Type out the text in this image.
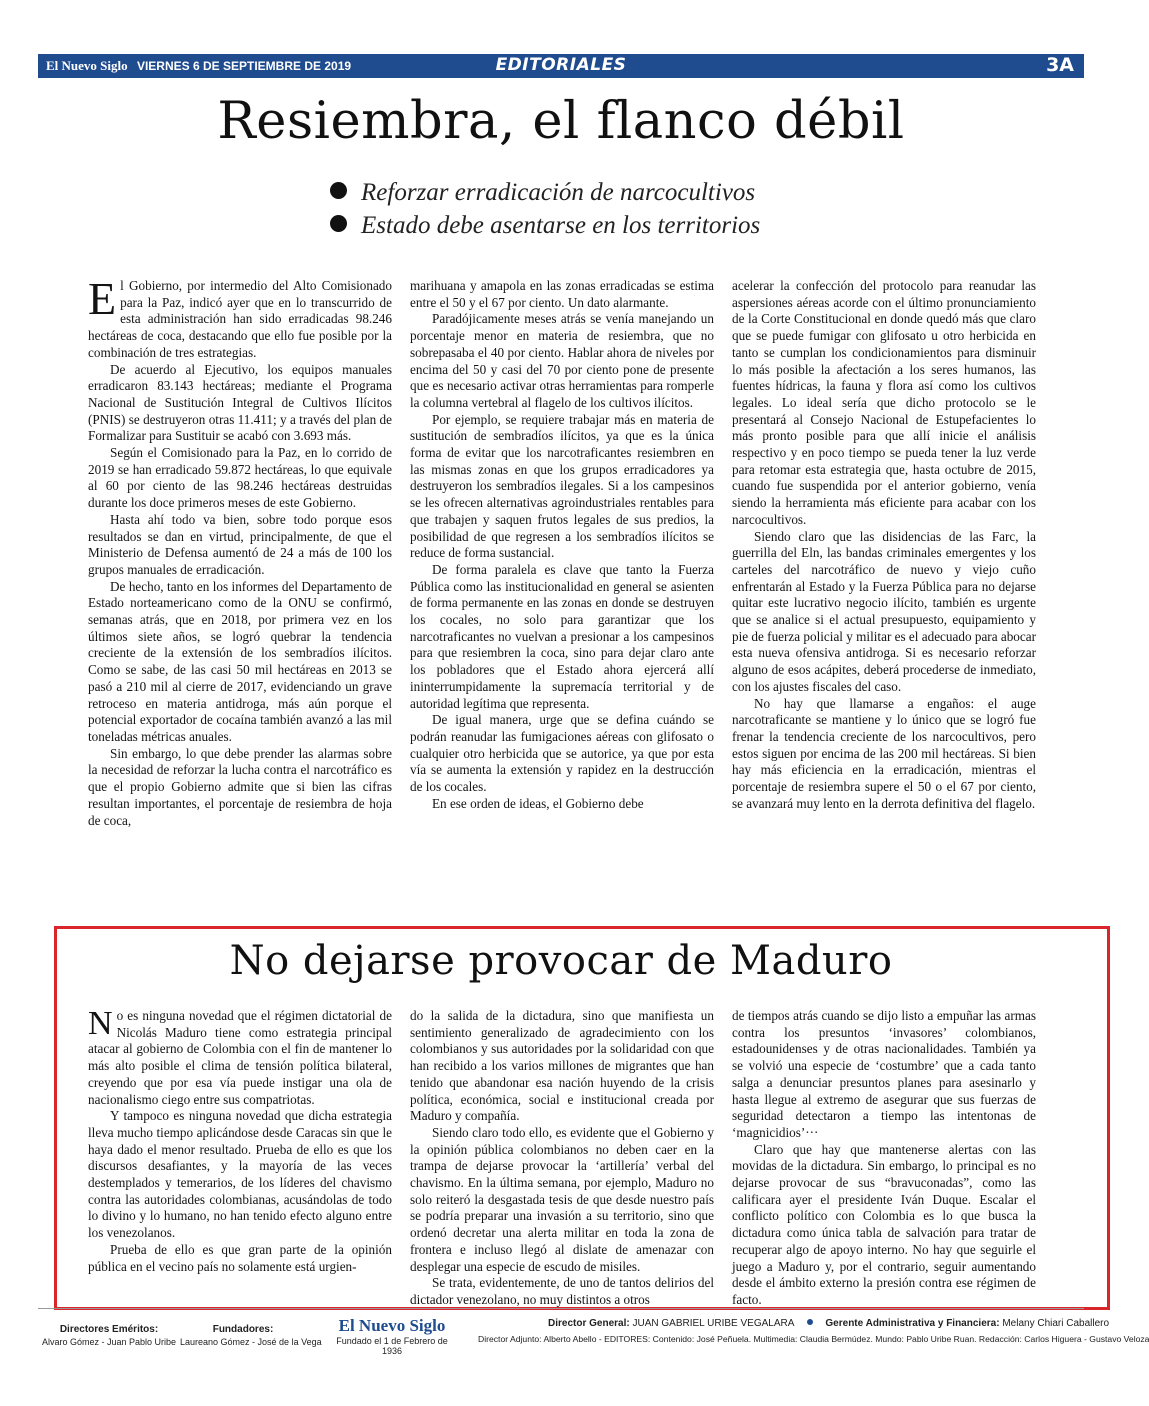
El Nuevo Siglo VIERNES 6 DE SEPTIEMBRE DE 2019	EDITORIALES	3A
Resiembra, el flanco débil
Reforzar erradicación de narcocultivos
Estado debe asentarse en los territorios

El Gobierno, por intermedio del Alto Comisionado para la Paz, indicó ayer que en lo transcurrido de esta administración han sido erradicadas 98.246 hectáreas de coca, destacando que ello fue posible por la combinación de tres estrategias.

De acuerdo al Ejecutivo, los equipos manuales erradicaron 83.143 hectáreas; mediante el Programa Nacional de Sustitución Integral de Cultivos Ilícitos (PNIS) se destruyeron otras 11.411; y a través del plan de Formalizar para Sustituir se acabó con 3.693 más.

Según el Comisionado para la Paz, en lo corrido de 2019 se han erradicado 59.872 hectáreas, lo que equivale al 60 por ciento de las 98.246 hectáreas destruidas durante los doce primeros meses de este Gobierno.

Hasta ahí todo va bien, sobre todo porque esos resultados se dan en virtud, principalmente, de que el Ministerio de Defensa aumentó de 24 a más de 100 los grupos manuales de erradicación.

De hecho, tanto en los informes del Departamento de Estado norteamericano como de la ONU se confirmó, semanas atrás, que en 2018, por primera vez en los últimos siete años, se logró quebrar la tendencia creciente de la extensión de los sembradíos ilícitos. Como se sabe, de las casi 50 mil hectáreas en 2013 se pasó a 210 mil al cierre de 2017, evidenciando un grave retroceso en materia antidroga, más aún porque el potencial exportador de cocaína también avanzó a las mil toneladas métricas anuales.

Sin embargo, lo que debe prender las alarmas sobre la necesidad de reforzar la lucha contra el narcotráfico es que el propio Gobierno admite que si bien las cifras resultan importantes, el porcentaje de resiembra de hoja de coca,

marihuana y amapola en las zonas erradicadas se estima entre el 50 y el 67 por ciento. Un dato alarmante.

Paradójicamente meses atrás se venía manejando un porcentaje menor en materia de resiembra, que no sobrepasaba el 40 por ciento. Hablar ahora de niveles por encima del 50 y casi del 70 por ciento pone de presente que es necesario activar otras herramientas para romperle la columna vertebral al flagelo de los cultivos ilícitos.

Por ejemplo, se requiere trabajar más en materia de sustitución de sembradíos ilícitos, ya que es la única forma de evitar que los narcotraficantes resiembren en las mismas zonas en que los grupos erradicadores ya destruyeron los sembradíos ilegales. Si a los campesinos se les ofrecen alternativas agroindustriales rentables para que trabajen y saquen frutos legales de sus predios, la posibilidad de que regresen a los sembradíos ilícitos se reduce de forma sustancial.

De forma paralela es clave que tanto la Fuerza Pública como las institucionalidad en general se asienten de forma permanente en las zonas en donde se destruyen los cocales, no solo para garantizar que los narcotraficantes no vuelvan a presionar a los campesinos para que resiembren la coca, sino para dejar claro ante los pobladores que el Estado ahora ejercerá allí ininterrumpidamente la supremacía territorial y de autoridad legítima que representa.

De igual manera, urge que se defina cuándo se podrán reanudar las fumigaciones aéreas con glifosato o cualquier otro herbicida que se autorice, ya que por esta vía se aumenta la extensión y rapidez en la destrucción de los cocales.

En ese orden de ideas, el Gobierno debe

acelerar la confección del protocolo para reanudar las aspersiones aéreas acorde con el último pronunciamiento de la Corte Constitucional en donde quedó más que claro que se puede fumigar con glifosato u otro herbicida en tanto se cumplan los condicionamientos para disminuir lo más posible la afectación a los seres humanos, las fuentes hídricas, la fauna y flora así como los cultivos legales. Lo ideal sería que dicho protocolo se le presentará al Consejo Nacional de Estupefacientes lo más pronto posible para que allí inicie el análisis respectivo y en poco tiempo se pueda tener la luz verde para retomar esta estrategia que, hasta octubre de 2015, cuando fue suspendida por el anterior gobierno, venía siendo la herramienta más eficiente para acabar con los narcocultivos.

Siendo claro que las disidencias de las Farc, la guerrilla del Eln, las bandas criminales emergentes y los carteles del narcotráfico de nuevo y viejo cuño enfrentarán al Estado y la Fuerza Pública para no dejarse quitar este lucrativo negocio ilícito, también es urgente que se analice si el actual presupuesto, equipamiento y pie de fuerza policial y militar es el adecuado para abocar esta nueva ofensiva antidroga. Si es necesario reforzar alguno de esos acápites, deberá procederse de inmediato, con los ajustes fiscales del caso.

No hay que llamarse a engaños: el auge narcotraficante se mantiene y lo único que se logró fue frenar la tendencia creciente de los narcocultivos, pero estos siguen por encima de las 200 mil hectáreas. Si bien hay más eficiencia en la erradicación, mientras el porcentaje de resiembra supere el 50 o el 67 por ciento, se avanzará muy lento en la derrota definitiva del flagelo.

No dejarse provocar de Maduro

No es ninguna novedad que el régimen dictatorial de Nicolás Maduro tiene como estrategia principal atacar al gobierno de Colombia con el fin de mantener lo más alto posible el clima de tensión política bilateral, creyendo que por esa vía puede instigar una ola de nacionalismo ciego entre sus compatriotas.

Y tampoco es ninguna novedad que dicha estrategia lleva mucho tiempo aplicándose desde Caracas sin que le haya dado el menor resultado. Prueba de ello es que los discursos desafiantes, y la mayoría de las veces destemplados y temerarios, de los líderes del chavismo contra las autoridades colombianas, acusándolas de todo lo divino y lo humano, no han tenido efecto alguno entre los venezolanos.

Prueba de ello es que gran parte de la opinión pública en el vecino país no solamente está urgien-

do la salida de la dictadura, sino que manifiesta un sentimiento generalizado de agradecimiento con los colombianos y sus autoridades por la solidaridad con que han recibido a los varios millones de migrantes que han tenido que abandonar esa nación huyendo de la crisis política, económica, social e institucional creada por Maduro y compañía.

Siendo claro todo ello, es evidente que el Gobierno y la opinión pública colombianos no deben caer en la trampa de dejarse provocar la ‘artillería’ verbal del chavismo. En la última semana, por ejemplo, Maduro no solo reiteró la desgastada tesis de que desde nuestro país se podría preparar una invasión a su territorio, sino que ordenó decretar una alerta militar en toda la zona de frontera e incluso llegó al dislate de amenazar con desplegar una especie de escudo de misiles.

Se trata, evidentemente, de uno de tantos delirios del dictador venezolano, no muy distintos a otros

de tiempos atrás cuando se dijo listo a empuñar las armas contra los presuntos ‘invasores’ colombianos, estadounidenses y de otras nacionalidades. También ya se volvió una especie de ‘costumbre’ que a cada tanto salga a denunciar presuntos planes para asesinarlo y hasta llegue al extremo de asegurar que sus fuerzas de seguridad detectaron a tiempo las intentonas de ‘magnicidios’···

Claro que hay que mantenerse alertas con las movidas de la dictadura. Sin embargo, lo principal es no dejarse provocar de sus “bravuconadas”, como las calificara ayer el presidente Iván Duque. Escalar el conflicto político con Colombia es lo que busca la dictadura como única tabla de salvación para tratar de recuperar algo de apoyo interno. No hay que seguirle el juego a Maduro y, por el contrario, seguir aumentando desde el ámbito externo la presión contra ese régimen de facto.

Directores Eméritos:
Alvaro Gómez - Juan Pablo Uribe
Fundadores:
Laureano Gómez - José de la Vega
El Nuevo Siglo
Fundado el 1 de Febrero de 1936
Director General: JUAN GABRIEL URIBE VEGALARA	Gerente Administrativa y Financiera: Melany Chiari Caballero
Director Adjunto: Alberto Abello - EDITORES: Contenido: José Peñuela. Multimedia: Claudia Bermúdez. Mundo: Pablo Uribe Ruan. Redacción: Carlos Higuera - Gustavo Veloza
